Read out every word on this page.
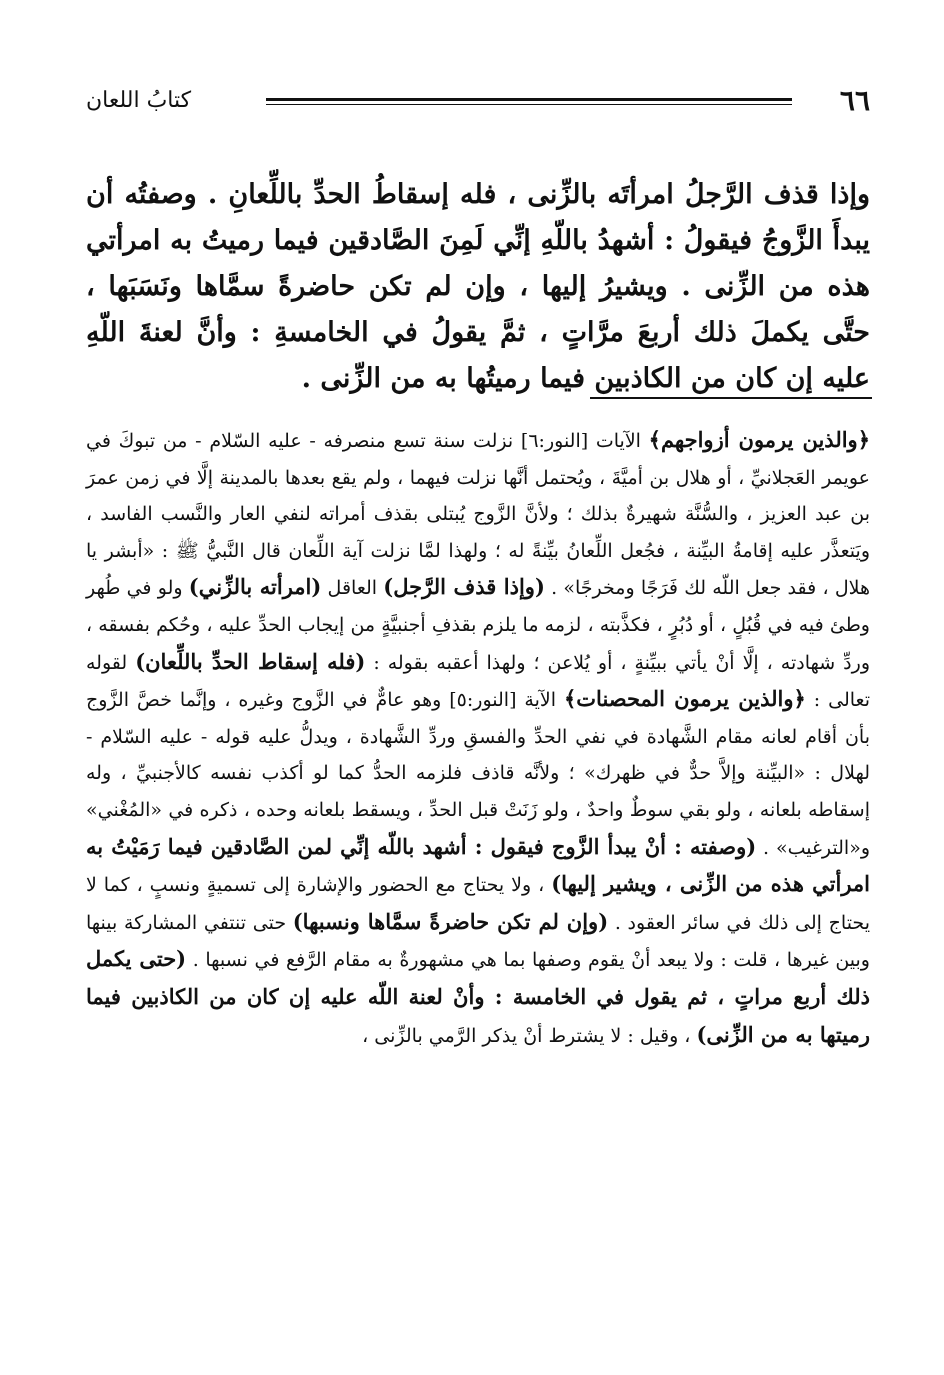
٦٦
كتابُ اللعان
وإذا قذف الرَّجلُ امرأتَه بالزِّنى ، فله إسقاطُ الحدِّ باللِّعانِ . وصفتُه أن يبدأَ الزَّوجُ فيقولُ : أشهدُ باللّهِ إنِّي لَمِنَ الصَّادقين فيما رميتُ به امرأتي هذه من الزِّنى . ويشيرُ إليها ، وإن لم تكن حاضرةً سمَّاها ونَسَبَها ، حتَّى يكملَ ذلك أربعَ مرَّاتٍ ، ثمَّ يقولُ في الخامسةِ : وأنَّ لعنةَ اللّهِ عليه إن كان من الكاذبين فيما رميتُها به من الزِّنى .
﴿والذين يرمون أزواجهم﴾ الآيات [النور:٦] نزلت سنة تسع منصرفه - عليه السّلام - من تبوكَ في عويمر العَجلانيِّ ، أو هلال بن أميَّةَ ، ويُحتمل أنَّها نزلت فيهما ، ولم يقع بعدها بالمدينة إلَّا في زمن عمرَ بن عبد العزيز ، والسُّنَّة شهيرةٌ بذلك ؛ ولأنَّ الزَّوج يُبتلى بقذف أمراته لنفي العار والنَّسب الفاسد ، ويَتعذَّر عليه إقامةُ البيِّنة ، فجُعل اللِّعانُ بيِّنةً له ؛ ولهذا لمَّا نزلت آية اللِّعان قال النَّبيُّ ﷺ : «أبشر يا هلال ، فقد جعل اللّه لك فَرَجًا ومخرجًا» . (وإذا قذف الرَّجل) العاقل (امرأته بالزِّني) ولو في طُهر وطئ فيه في قُبُلٍ ، أو دُبُرٍ ، فكذَّبته ، لزمه ما يلزم بقذفِ أجنبيَّةٍ من إيجاب الحدِّ عليه ، وحُكم بفسقه ، وردِّ شهادته ، إلَّا أنْ يأتي ببيِّنةٍ ، أو يُلاعن ؛ ولهذا أعقبه بقوله : (فله إسقاط الحدِّ باللِّعان) لقوله تعالى : ﴿والذين يرمون المحصنات﴾ الآية [النور:٥] وهو عامٌّ في الزَّوج وغيره ، وإنَّما خصَّ الزَّوج بأن أقام لعانه مقام الشَّهادة في نفي الحدِّ والفسقِ وردِّ الشَّهادة ، ويدلُّ عليه قوله - عليه السّلام - لهلال : «البيِّنة وإلاَّ حدٌّ في ظهرك» ؛ ولأنَّه قاذف فلزمه الحدُّ كما لو أكذب نفسه كالأجنبيِّ ، وله إسقاطه بلعانه ، ولو بقي سوطٌ واحدٌ ، ولو زَنَتْ قبل الحدِّ ، ويسقط بلعانه وحده ، ذكره في «المُغْني» و«الترغيب» . (وصفته : أنْ يبدأ الزَّوج فيقول : أشهد باللّه إنِّي لمن الصَّادقين فيما رَمَيْتُ به امرأتي هذه من الزِّنى ، ويشير إليها) ، ولا يحتاج مع الحضور والإشارة إلى تسميةٍ ونسبٍ ، كما لا يحتاج إلى ذلك في سائر العقود . (وإن لم تكن حاضرةً سمَّاها ونسبها) حتى تنتفي المشاركة بينها وبين غيرها ، قلت : ولا يبعد أنْ يقوم وصفها بما هي مشهورةٌ به مقام الرَّفع في نسبها . (حتى يكمل ذلك أربع مراتٍ ، ثم يقول في الخامسة : وأنْ لعنة اللّه عليه إن كان من الكاذبين فيما رميتها به من الزِّنى) ، وقيل : لا يشترط أنْ يذكر الرَّمي بالزِّنى ،
